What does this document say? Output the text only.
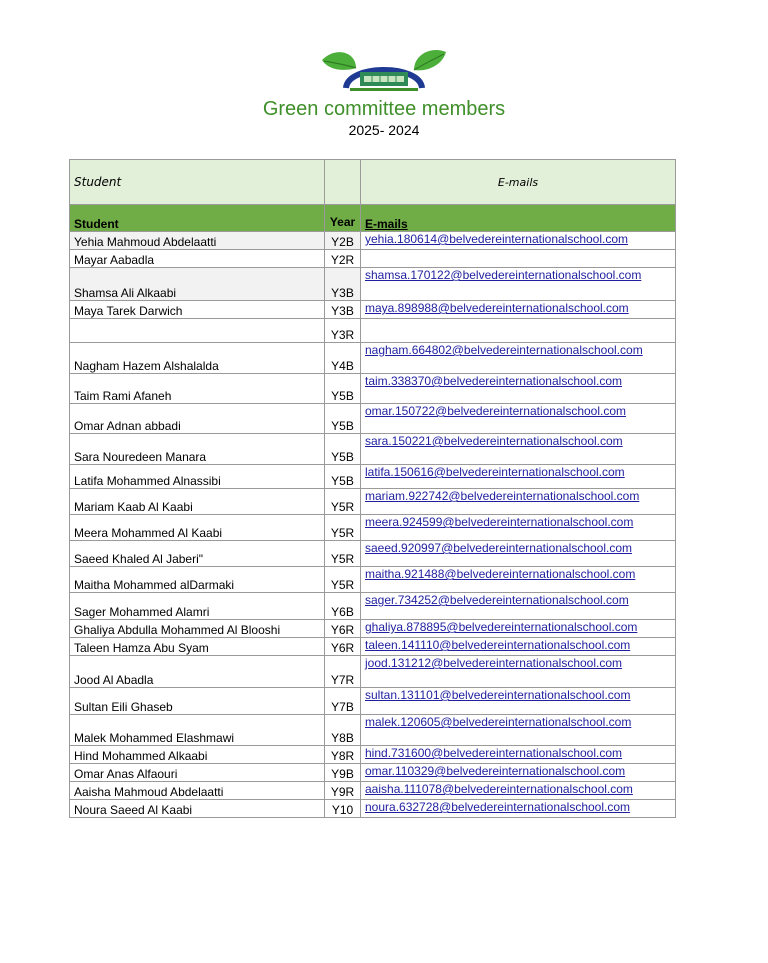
Green committee members
2025- 2024
Student		E-mails
Student	Year	E-mails
Yehia Mahmoud Abdelaatti	Y2B	yehia.180614@belvedereinternationalschool.com
Mayar Aabadla	Y2R	
Shamsa Ali Alkaabi	Y3B	shamsa.170122@belvedereinternationalschool.com
Maya Tarek Darwich	Y3B	maya.898988@belvedereinternationalschool.com
	Y3R	
Nagham Hazem Alshalalda	Y4B	nagham.664802@belvedereinternationalschool.com
Taim Rami Afaneh	Y5B	taim.338370@belvedereinternationalschool.com
Omar Adnan abbadi	Y5B	omar.150722@belvedereinternationalschool.com
Sara Nouredeen Manara	Y5B	sara.150221@belvedereinternationalschool.com
Latifa Mohammed Alnassibi	Y5B	latifa.150616@belvedereinternationalschool.com
Mariam Kaab Al Kaabi	Y5R	mariam.922742@belvedereinternationalschool.com
Meera Mohammed Al Kaabi	Y5R	meera.924599@belvedereinternationalschool.com
Saeed Khaled Al Jaberi"	Y5R	saeed.920997@belvedereinternationalschool.com
Maitha Mohammed alDarmaki	Y5R	maitha.921488@belvedereinternationalschool.com
Sager Mohammed Alamri	Y6B	sager.734252@belvedereinternationalschool.com
Ghaliya Abdulla Mohammed Al Blooshi	Y6R	ghaliya.878895@belvedereinternationalschool.com
Taleen Hamza Abu Syam	Y6R	taleen.141110@belvedereinternationalschool.com
Jood Al Abadla	Y7R	jood.131212@belvedereinternationalschool.com
Sultan Eili Ghaseb	Y7B	sultan.131101@belvedereinternationalschool.com
Malek Mohammed Elashmawi	Y8B	malek.120605@belvedereinternationalschool.com
Hind Mohammed Alkaabi	Y8R	hind.731600@belvedereinternationalschool.com
Omar Anas Alfaouri	Y9B	omar.110329@belvedereinternationalschool.com
Aaisha Mahmoud Abdelaatti	Y9R	aaisha.111078@belvedereinternationalschool.com
Noura Saeed Al Kaabi	Y10	noura.632728@belvedereinternationalschool.com
